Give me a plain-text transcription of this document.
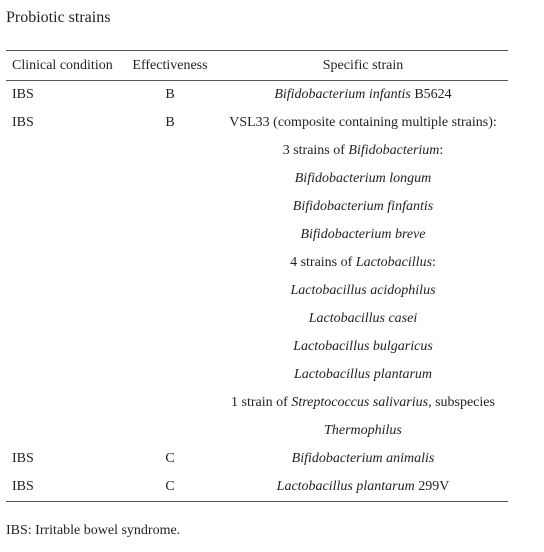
Probiotic strains
Clinical condition	Effectiveness	Specific strain
IBS	B	Bifidobacterium infantis B5624
IBS	B	VSL33 (composite containing multiple strains):
3 strains of Bifidobacterium:
Bifidobacterium longum
Bifidobacterium finfantis
Bifidobacterium breve
4 strains of Lactobacillus:
Lactobacillus acidophilus
Lactobacillus casei
Lactobacillus bulgaricus
Lactobacillus plantarum
1 strain of Streptococcus salivarius, subspecies
Thermophilus
IBS	C	Bifidobacterium animalis
IBS	C	Lactobacillus plantarum 299V
IBS: Irritable bowel syndrome.
